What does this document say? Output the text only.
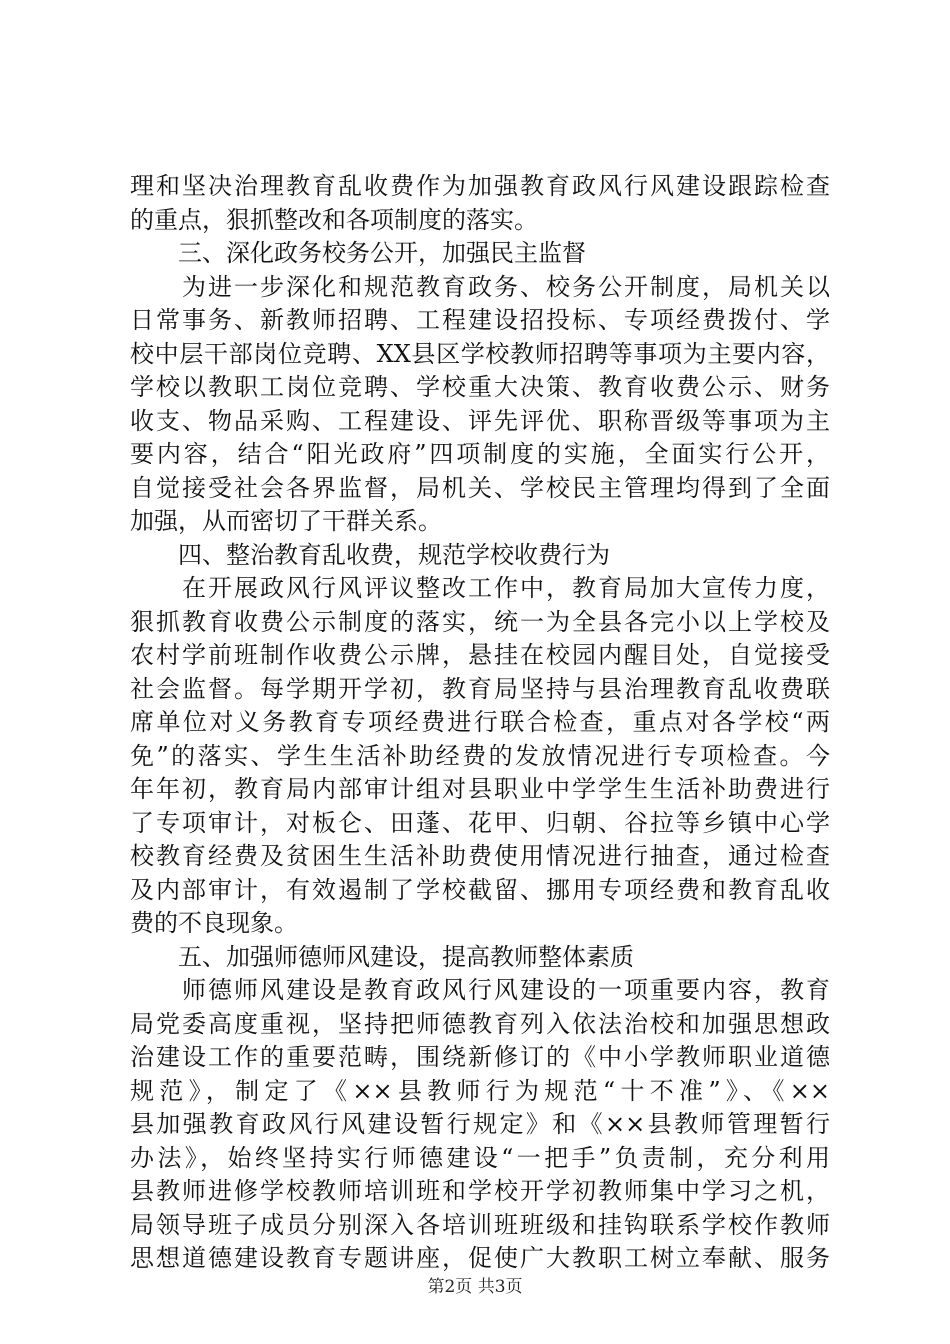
理和坚决治理教育乱收费作为加强教育政风行风建设跟踪检查
的重点，狠抓整改和各项制度的落实。
　　三、深化政务校务公开，加强民主监督
　　为进一步深化和规范教育政务、校务公开制度，局机关以
日常事务、新教师招聘、工程建设招投标、专项经费拨付、学
校中层干部岗位竞聘、XX县区学校教师招聘等事项为主要内容，
学校以教职工岗位竞聘、学校重大决策、教育收费公示、财务
收支、物品采购、工程建设、评先评优、职称晋级等事项为主
要内容，结合“阳光政府”四项制度的实施，全面实行公开，
自觉接受社会各界监督，局机关、学校民主管理均得到了全面
加强，从而密切了干群关系。
　　四、整治教育乱收费，规范学校收费行为
　　在开展政风行风评议整改工作中，教育局加大宣传力度，
狠抓教育收费公示制度的落实，统一为全县各完小以上学校及
农村学前班制作收费公示牌，悬挂在校园内醒目处，自觉接受
社会监督。每学期开学初，教育局坚持与县治理教育乱收费联
席单位对义务教育专项经费进行联合检查，重点对各学校“两
免”的落实、学生生活补助经费的发放情况进行专项检查。今
年年初，教育局内部审计组对县职业中学学生生活补助费进行
了专项审计，对板仑、田蓬、花甲、归朝、谷拉等乡镇中心学
校教育经费及贫困生生活补助费使用情况进行抽查，通过检查
及内部审计，有效遏制了学校截留、挪用专项经费和教育乱收
费的不良现象。
　　五、加强师德师风建设，提高教师整体素质
　　师德师风建设是教育政风行风建设的一项重要内容，教育
局党委高度重视，坚持把师德教育列入依法治校和加强思想政
治建设工作的重要范畴，围绕新修订的《中小学教师职业道德
规范》，制定了《××县教师行为规范“十不准”》、《××
县加强教育政风行风建设暂行规定》和《××县教师管理暂行
办法》，始终坚持实行师德建设“一把手”负责制，充分利用
县教师进修学校教师培训班和学校开学初教师集中学习之机，
局领导班子成员分别深入各培训班班级和挂钩联系学校作教师
思想道德建设教育专题讲座，促使广大教职工树立奉献、服务
第2页 共3页
